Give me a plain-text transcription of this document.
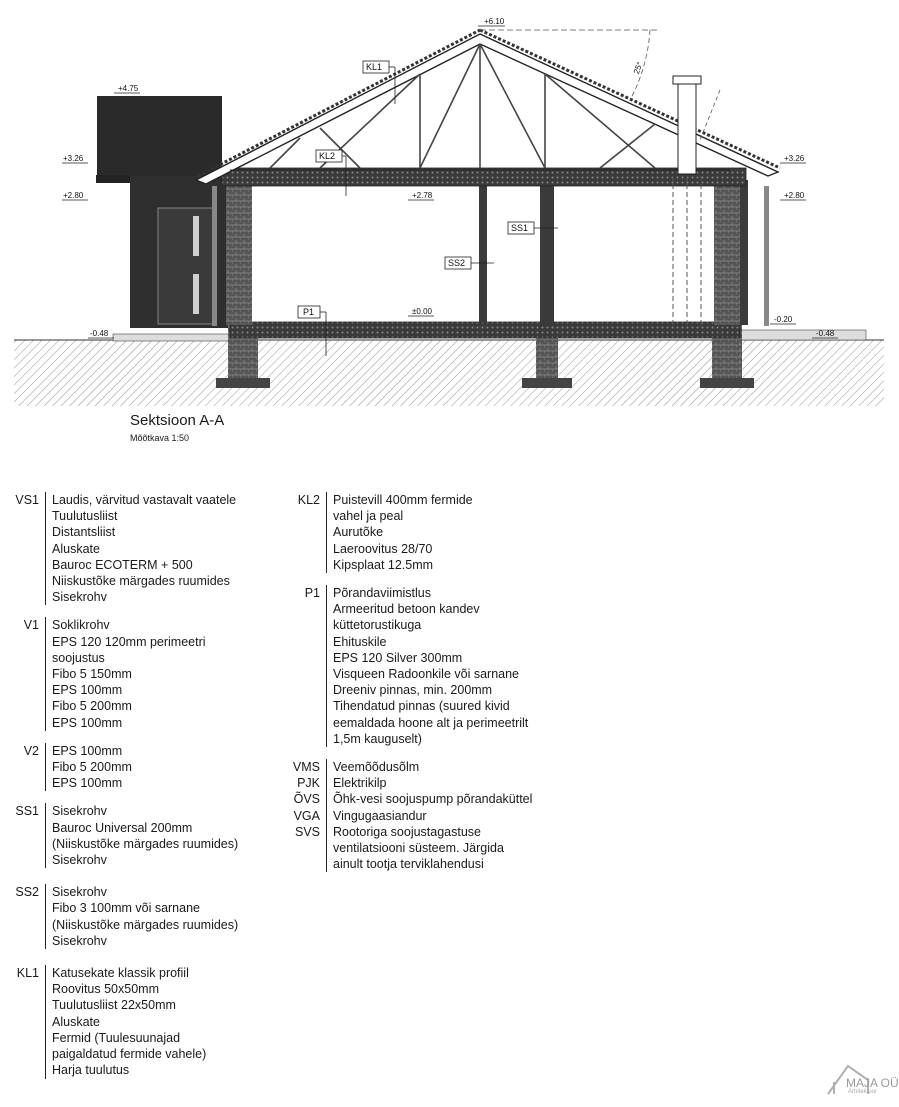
+6.10
+4.75
+3.26
+2.80
+3.26
+2.80
+2.78
±0.00
-0.48
-0.20
-0.48
25°
KL1
KL2
SS1
SS2
P1
Sektsioon A-A
Mõõtkava 1:50
VS1	Laudis, värvitud vastavalt vaatele
Tuulutusliist
Distantsliist
Aluskate
Bauroc ECOTERM + 500
Niiskustõke märgades ruumides
Sisekrohv
V1	Soklikrohv
EPS 120 120mm perimeetri
soojustus
Fibo 5 150mm
EPS 100mm
Fibo 5 200mm
EPS 100mm
V2	EPS 100mm
Fibo 5 200mm
EPS 100mm
SS1	Sisekrohv
Bauroc Universal 200mm
(Niiskustõke märgades ruumides)
Sisekrohv
SS2	Sisekrohv
Fibo 3 100mm või sarnane
(Niiskustõke märgades ruumides)
Sisekrohv
KL1	Katusekate klassik profiil
Roovitus 50x50mm
Tuulutusliist 22x50mm
Aluskate
Fermid (Tuulesuunajad
paigaldatud fermide vahele)
Harja tuulutus
KL2	Puistevill 400mm fermide
vahel ja peal
Aurutõke
Laeroovitus 28/70
Kipsplaat 12.5mm
P1	Põrandaviimistlus
Armeeritud betoon kandev
küttetorustikuga
Ehituskile
EPS 120 Silver 300mm
Visqueen Radoonkile või sarnane
Dreeniv pinnas, min. 200mm
Tihendatud pinnas (suured kivid
eemaldada hoone alt ja perimeetrilt
1,5m kauguselt)
VMS	Veemõõdusõlm
PJK	Elektrikilp
ÕVS	Õhk-vesi soojuspump põrandaküttel
VGA	Vingugaasiandur
SVS	Rootoriga soojustagastuse
ventilatsiooni süsteem. Järgida
ainult tootja terviklahendusi
MAJA OÜ
Arhitektuur
